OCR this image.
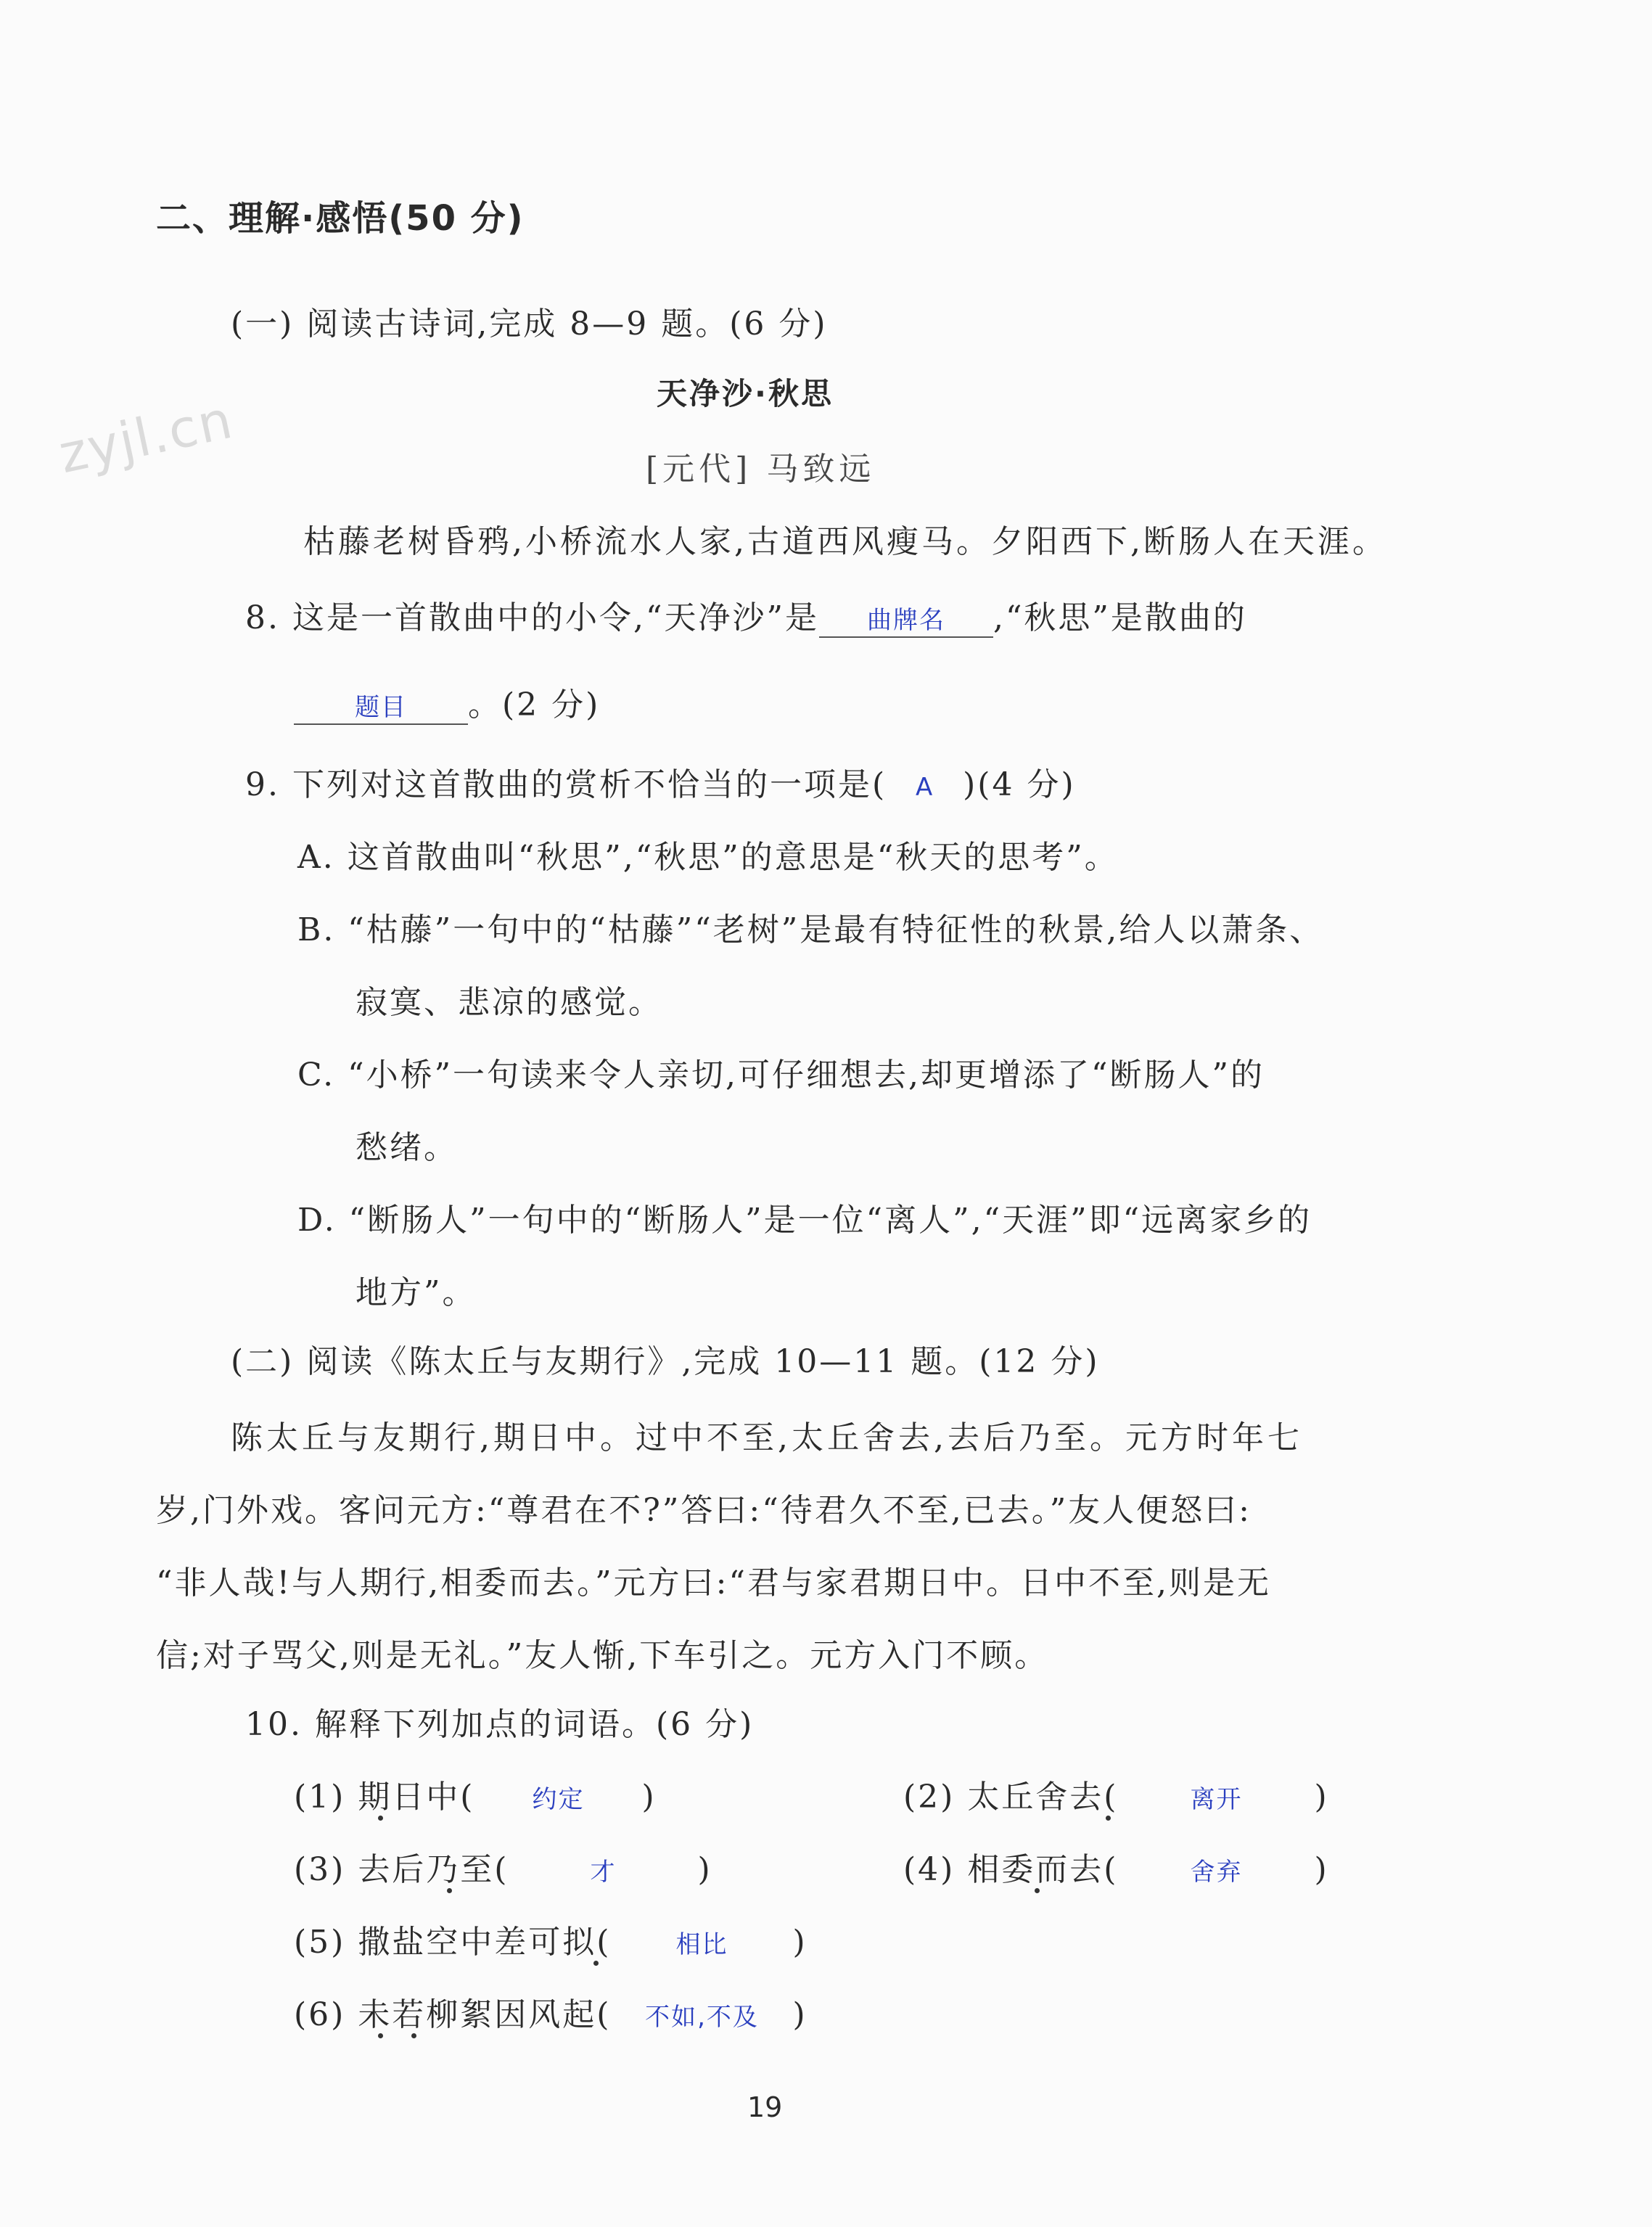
zyjl.cn
二、理解·感悟(50 分)
(一) 阅读古诗词,完成 8—9 题。(6 分)
天净沙·秋思
[元代] 马致远
枯藤老树昏鸦,小桥流水人家,古道西风瘦马。夕阳西下,断肠人在天涯。
8. 这是一首散曲中的小令,“天净沙”是 曲牌名 ,“秋思”是散曲的
题目 。(2 分)
9. 下列对这首散曲的赏析不恰当的一项是( A )(4 分)
A. 这首散曲叫“秋思”,“秋思”的意思是“秋天的思考”。
B. “枯藤”一句中的“枯藤”“老树”是最有特征性的秋景,给人以萧条、
寂寞、悲凉的感觉。
C. “小桥”一句读来令人亲切,可仔细想去,却更增添了“断肠人”的
愁绪。
D. “断肠人”一句中的“断肠人”是一位“离人”,“天涯”即“远离家乡的
地方”。
(二) 阅读《陈太丘与友期行》,完成 10—11 题。(12 分)
陈太丘与友期行,期日中。过中不至,太丘舍去,去后乃至。元方时年七
岁,门外戏。客问元方:“尊君在不?”答曰:“待君久不至,已去。”友人便怒曰:
“非人哉!与人期行,相委而去。”元方曰:“君与家君期日中。日中不至,则是无
信;对子骂父,则是无礼。”友人惭,下车引之。元方入门不顾。
10. 解释下列加点的词语。(6 分)
(1) 期日中( 约定 )	(2) 太丘舍去(	离开 )
(3) 去后乃至(	才	)	(4) 相委而去(	舍弃 )
(5) 撒盐空中差可拟(	相比 )
(6) 未若柳絮因风起( 不如,不及 )
19
